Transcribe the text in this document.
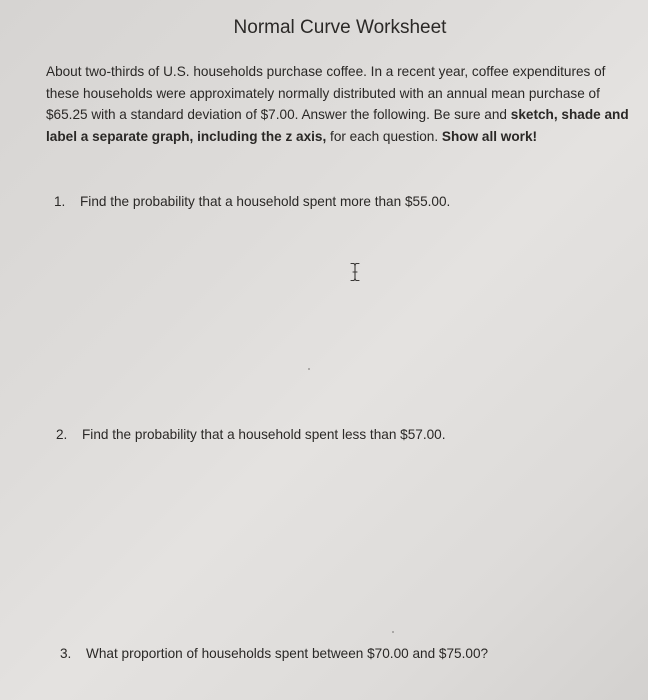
Normal Curve Worksheet
About two-thirds of U.S. households purchase coffee. In a recent year, coffee expenditures of these households were approximately normally distributed with an annual mean purchase of $65.25 with a standard deviation of $7.00. Answer the following. Be sure and sketch, shade and label a separate graph, including the z axis, for each question. Show all work!
1. Find the probability that a household spent more than $55.00.
2. Find the probability that a household spent less than $57.00.
3. What proportion of households spent between $70.00 and $75.00?
